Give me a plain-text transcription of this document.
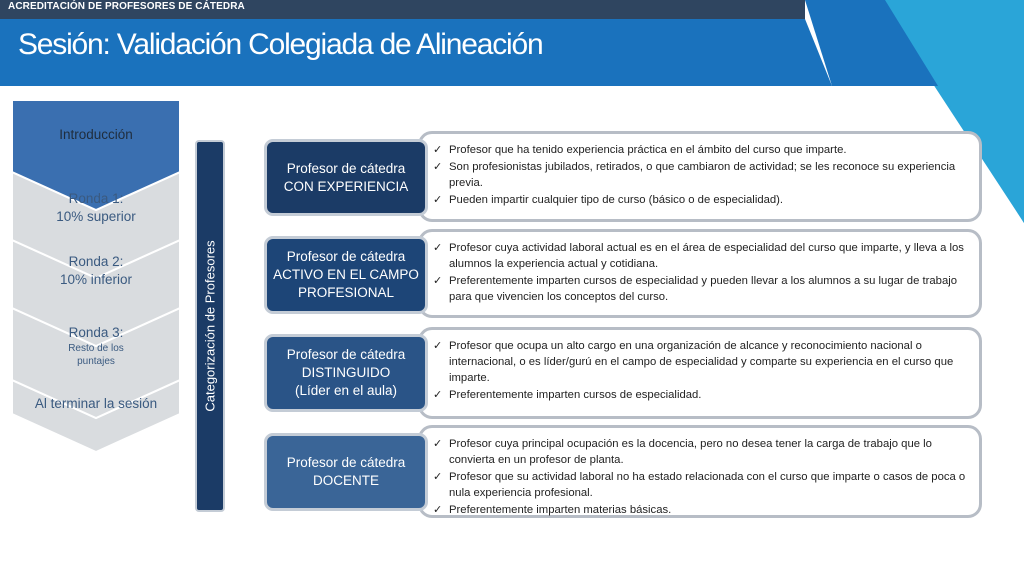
ACREDITACIÓN DE PROFESORES DE CÁTEDRA
Sesión: Validación Colegiada de Alineación
Introducción
Ronda 1:
10% superior
Ronda 2:
10% inferior
Ronda 3:
Resto de los puntajes
Al terminar la sesión	Categorización de Profesores
✓ Profesor que ha tenido experiencia práctica en el ámbito del curso que imparte.
✓ Son profesionistas jubilados, retirados, o que cambiaron de actividad; se les reconoce su experiencia previa.
✓ Pueden impartir cualquier tipo de curso (básico o de especialidad).
Profesor de cátedra
CON EXPERIENCIA
✓ Profesor cuya actividad laboral actual es en el área de especialidad del curso que imparte, y lleva a los alumnos la experiencia actual y cotidiana.
✓ Preferentemente imparten cursos de especialidad y pueden llevar a los alumnos a su lugar de trabajo para que vivencien los conceptos del curso.
Profesor de cátedra
ACTIVO EN EL CAMPO
PROFESIONAL
✓ Profesor que ocupa un alto cargo en una organización de alcance y reconocimiento nacional o internacional, o es líder/gurú en el campo de especialidad y comparte su experiencia en el curso que imparte.
✓ Preferentemente imparten cursos de especialidad.
Profesor de cátedra
DISTINGUIDO
(Líder en el aula)
✓ Profesor cuya principal ocupación es la docencia, pero no desea tener la carga de trabajo que lo convierta en un profesor de planta.
✓ Profesor que su actividad laboral no ha estado relacionada con el curso que imparte o casos de poca o nula experiencia profesional.
✓ Preferentemente imparten materias básicas.
Profesor de cátedra
DOCENTE
